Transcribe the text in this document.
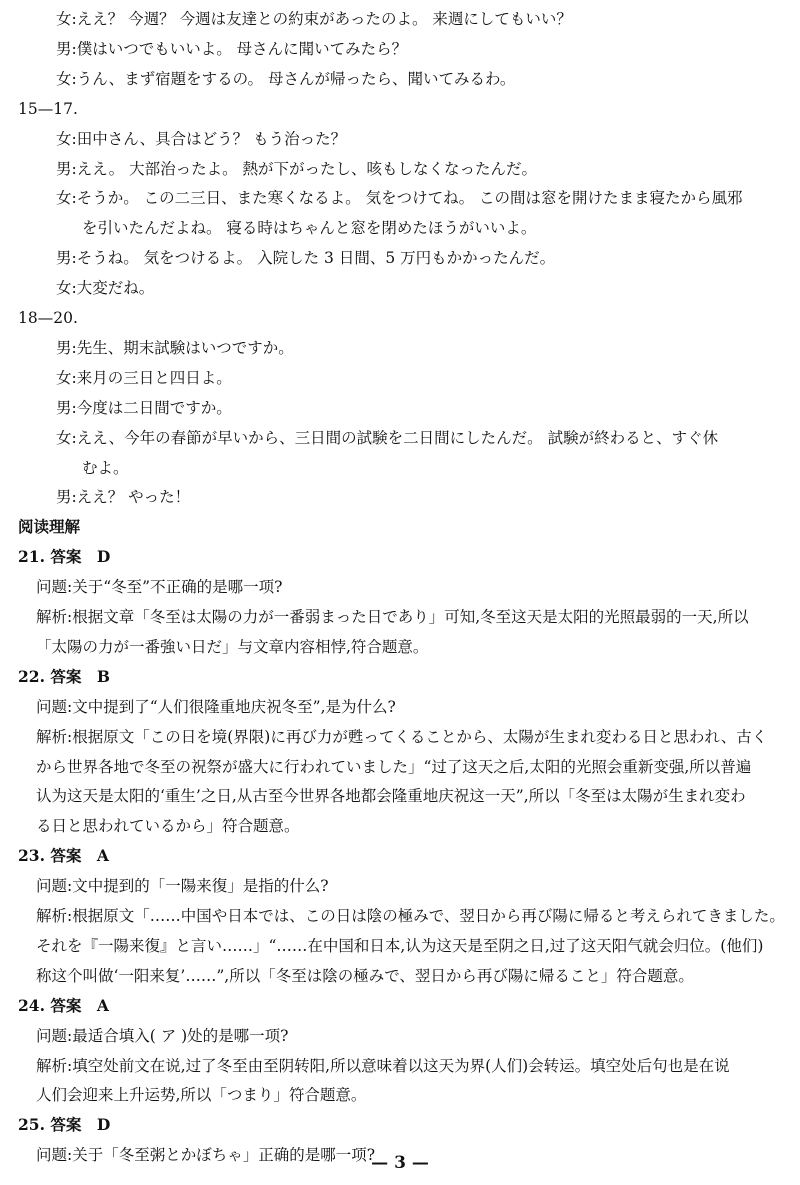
女:ええ？ 今週？ 今週は友達との約束があったのよ。 来週にしてもいい？
男:僕はいつでもいいよ。 母さんに聞いてみたら？
女:うん、まず宿題をするの。 母さんが帰ったら、聞いてみるわ。
15—17.
女:田中さん、具合はどう？ もう治った？
男:ええ。 大部治ったよ。 熱が下がったし、咳もしなくなったんだ。
女:そうか。 この二三日、また寒くなるよ。 気をつけてね。 この間は窓を開けたまま寝たから風邪
を引いたんだよね。 寝る時はちゃんと窓を閉めたほうがいいよ。
男:そうね。 気をつけるよ。 入院した 3 日間、5 万円もかかったんだ。
女:大変だね。
18—20.
男:先生、期末試験はいつですか。
女:来月の三日と四日よ。
男:今度は二日間ですか。
女:ええ、今年の春節が早いから、三日間の試験を二日間にしたんだ。 試験が終わると、すぐ休
むよ。
男:ええ？ やった！
阅读理解
21. 答案　D
问题:关于“冬至”不正确的是哪一项?
解析:根据文章「冬至は太陽の力が一番弱まった日であり」可知,冬至这天是太阳的光照最弱的一天,所以
「太陽の力が一番強い日だ」与文章内容相悖,符合题意。
22. 答案　B
问题:文中提到了“人们很隆重地庆祝冬至”,是为什么?
解析:根据原文「この日を境(界限)に再び力が甦ってくることから、太陽が生まれ変わる日と思われ、古く
から世界各地で冬至の祝祭が盛大に行われていました」“过了这天之后,太阳的光照会重新变强,所以普遍
认为这天是太阳的‘重生’之日,从古至今世界各地都会隆重地庆祝这一天”,所以「冬至は太陽が生まれ変わ
る日と思われているから」符合题意。
23. 答案　A
问题:文中提到的「一陽来復」是指的什么?
解析:根据原文「……中国や日本では、この日は陰の極みで、翌日から再び陽に帰ると考えられてきました。
それを『一陽来復』と言い……」“……在中国和日本,认为这天是至阴之日,过了这天阳气就会归位。(他们)
称这个叫做‘一阳来复’……”,所以「冬至は陰の極みで、翌日から再び陽に帰ること」符合题意。
24. 答案　A
问题:最适合填入( ア )处的是哪一项?
解析:填空处前文在说,过了冬至由至阴转阳,所以意味着以这天为界(人们)会转运。填空处后句也是在说
人们会迎来上升运势,所以「つまり」符合题意。
25. 答案　D
问题:关于「冬至粥とかぼちゃ」正确的是哪一项?
— 3 —
